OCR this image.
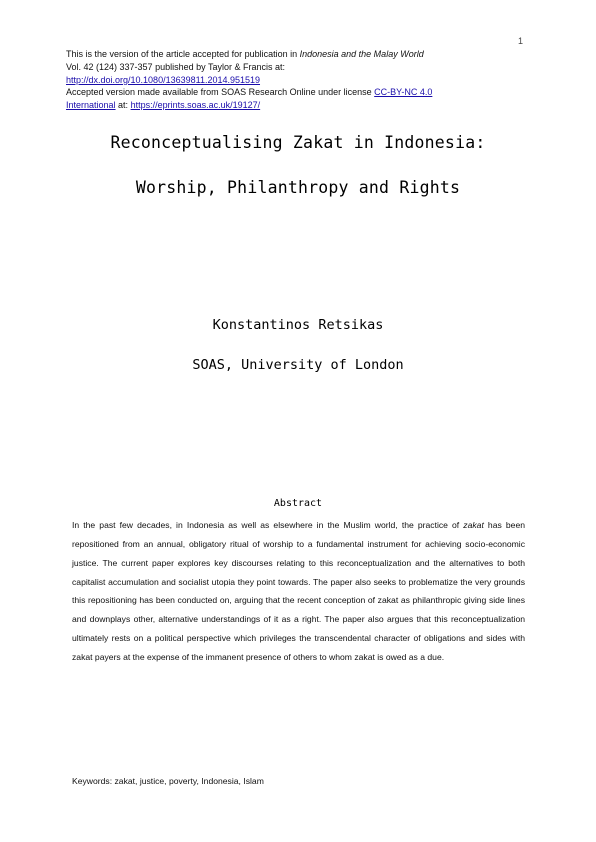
1
This is the version of the article accepted for publication in Indonesia and the Malay World
Vol. 42 (124) 337-357 published by Taylor & Francis at:
http://dx.doi.org/10.1080/13639811.2014.951519
Accepted version made available from SOAS Research Online under license CC-BY-NC 4.0
International at: https://eprints.soas.ac.uk/19127/
Reconceptualising Zakat in Indonesia:
Worship, Philanthropy and Rights
Konstantinos Retsikas
SOAS, University of London
Abstract
In the past few decades, in Indonesia as well as elsewhere in the Muslim world, the practice of zakat has been repositioned from an annual, obligatory ritual of worship to a fundamental instrument for achieving socio-economic justice. The current paper explores key discourses relating to this reconceptualization and the alternatives to both capitalist accumulation and socialist utopia they point towards. The paper also seeks to problematize the very grounds this repositioning has been conducted on, arguing that the recent conception of zakat as philanthropic giving side lines and downplays other, alternative understandings of it as a right. The paper also argues that this reconceptualization ultimately rests on a political perspective which privileges the transcendental character of obligations and sides with zakat payers at the expense of the immanent presence of others to whom zakat is owed as a due.
Keywords: zakat, justice, poverty, Indonesia, Islam
